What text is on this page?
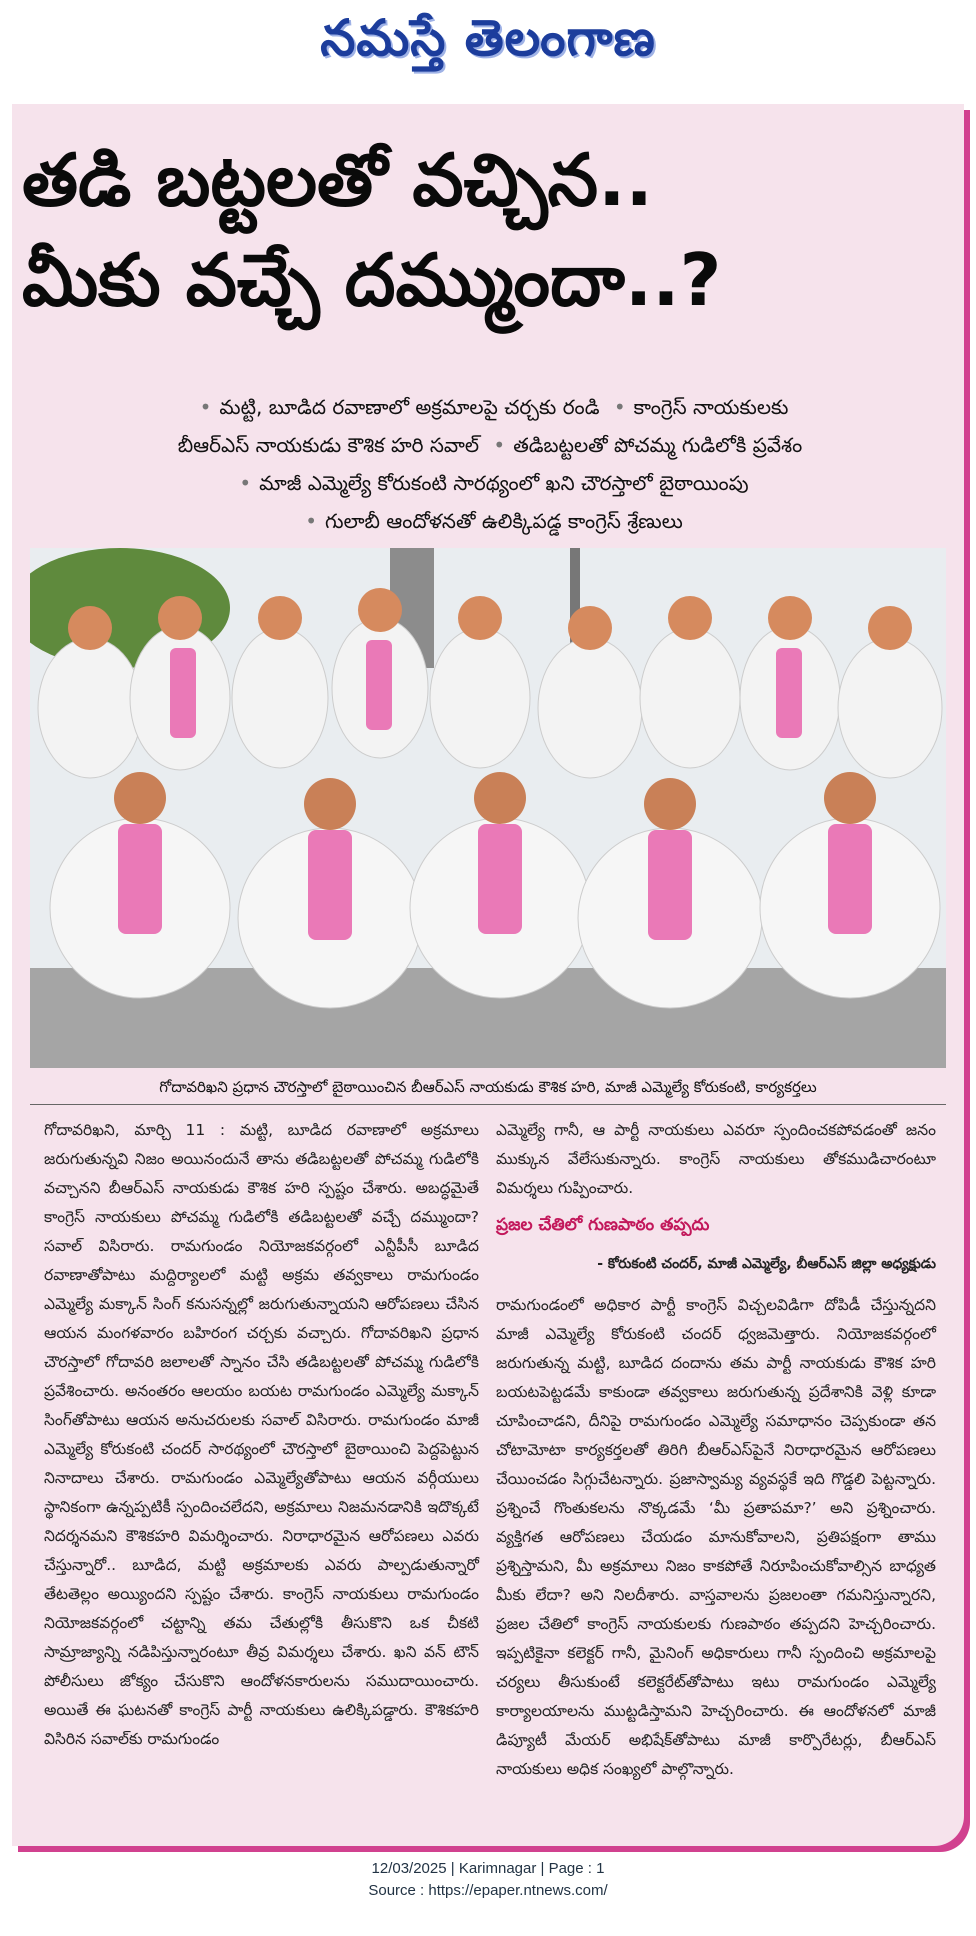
నమస్తే తెలంగాణ
తడి బట్టలతో వచ్చిన..
మీకు వచ్చే దమ్ముందా..?
• మట్టి, బూడిద రవాణాలో అక్రమాలపై చర్చకు రండి • కాంగ్రెస్ నాయకులకు
బీఆర్ఎస్ నాయకుడు కౌశిక హరి సవాల్ • తడిబట్టలతో పోచమ్మ గుడిలోకి ప్రవేశం
• మాజీ ఎమ్మెల్యే కోరుకంటి సారథ్యంలో ఖని చౌరస్తాలో బైఠాయింపు
• గులాబీ ఆందోళనతో ఉలిక్కిపడ్డ కాంగ్రెస్ శ్రేణులు
గోదావరిఖని ప్రధాన చౌరస్తాలో బైఠాయించిన బీఆర్ఎస్ నాయకుడు కౌశిక హరి, మాజీ ఎమ్మెల్యే కోరుకంటి, కార్యకర్తలు

గోదావరిఖని, మార్చి 11 : మట్టి, బూడిద రవాణాలో అక్రమాలు జరుగుతున్నవి నిజం అయినందునే తాను తడిబట్టలతో పోచమ్మ గుడిలోకి వచ్చానని బీఆర్ఎస్ నాయకుడు కౌశిక హరి స్పష్టం చేశారు. అబద్ధమైతే కాంగ్రెస్ నాయకులు పోచమ్మ గుడిలోకి తడిబట్టలతో వచ్చే దమ్ముందా? సవాల్ విసిరారు. రామగుండం నియోజకవర్గంలో ఎన్టీపీసీ బూడిద రవాణాతోపాటు మద్దిర్యాలలో మట్టి అక్రమ తవ్వకాలు రామగుండం ఎమ్మెల్యే మక్కాన్ సింగ్ కనుసన్నల్లో జరుగుతున్నాయని ఆరోపణలు చేసిన ఆయన మంగళవారం బహిరంగ చర్చకు వచ్చారు. గోదావరిఖని ప్రధాన చౌరస్తాలో గోదావరి జలాలతో స్నానం చేసి తడిబట్టలతో పోచమ్మ గుడిలోకి ప్రవేశించారు. అనంతరం ఆలయం బయట రామగుండం ఎమ్మెల్యే మక్కాన్ సింగ్‌తోపాటు ఆయన అనుచరులకు సవాల్ విసిరారు. రామగుండం మాజీ ఎమ్మెల్యే కోరుకంటి చందర్ సారథ్యంలో చౌరస్తాలో బైఠాయించి పెద్దపెట్టున నినాదాలు చేశారు. రామగుండం ఎమ్మెల్యేతోపాటు ఆయన వర్గీయులు స్థానికంగా ఉన్నప్పటికీ స్పందించలేదని, అక్రమాలు నిజమనడానికి ఇదొక్కటే నిదర్శనమని కౌశికహరి విమర్శించారు. నిరాధారమైన ఆరోపణలు ఎవరు చేస్తున్నారో.. బూడిద, మట్టి అక్రమాలకు ఎవరు పాల్పడుతున్నారో తేటతెల్లం అయ్యిందని స్పష్టం చేశారు. కాంగ్రెస్ నాయకులు రామగుండం నియోజకవర్గంలో చట్టాన్ని తమ చేతుల్లోకి తీసుకొని ఒక చీకటి సామ్రాజ్యాన్ని నడిపిస్తున్నారంటూ తీవ్ర విమర్శలు చేశారు. ఖని వన్ టౌన్ పోలీసులు జోక్యం చేసుకొని ఆందోళనకారులను సముదాయించారు. అయితే ఈ ఘటనతో కాంగ్రెస్ పార్టీ నాయకులు ఉలిక్కిపడ్డారు. కౌశికహరి విసిరిన సవాల్‌కు రామగుండం

ఎమ్మెల్యే గానీ, ఆ పార్టీ నాయకులు ఎవరూ స్పందించకపోవడంతో జనం ముక్కున వేలేసుకున్నారు. కాంగ్రెస్ నాయకులు తోకముడిచారంటూ విమర్శలు గుప్పించారు.

ప్రజల చేతిలో గుణపాఠం తప్పదు
- కోరుకంటి చందర్, మాజీ ఎమ్మెల్యే, బీఆర్ఎస్ జిల్లా అధ్యక్షుడు

రామగుండంలో అధికార పార్టీ కాంగ్రెస్ విచ్చలవిడిగా దోపిడీ చేస్తున్నదని మాజీ ఎమ్మెల్యే కోరుకంటి చందర్ ధ్వజమెత్తారు. నియోజకవర్గంలో జరుగుతున్న మట్టి, బూడిద దందాను తమ పార్టీ నాయకుడు కౌశిక హరి బయటపెట్టడమే కాకుండా తవ్వకాలు జరుగుతున్న ప్రదేశానికి వెళ్లి కూడా చూపించాడని, దీనిపై రామగుండం ఎమ్మెల్యే సమాధానం చెప్పకుండా తన చోటామోటా కార్యకర్తలతో తిరిగి బీఆర్ఎస్‌పైనే నిరాధారమైన ఆరోపణలు చేయించడం సిగ్గుచేటన్నారు. ప్రజాస్వామ్య వ్యవస్థకే ఇది గొడ్డలి పెట్టన్నారు. ప్రశ్నించే గొంతుకలను నొక్కడమే ‘మీ ప్రతాపమా?’ అని ప్రశ్నించారు. వ్యక్తిగత ఆరోపణలు చేయడం మానుకోవాలని, ప్రతిపక్షంగా తాము ప్రశ్నిస్తామని, మీ అక్రమాలు నిజం కాకపోతే నిరూపించుకోవాల్సిన బాధ్యత మీకు లేదా? అని నిలదీశారు. వాస్తవాలను ప్రజలంతా గమనిస్తున్నారని, ప్రజల చేతిలో కాంగ్రెస్ నాయకులకు గుణపాఠం తప్పదని హెచ్చరించారు. ఇప్పటికైనా కలెక్టర్ గానీ, మైనింగ్ అధికారులు గానీ స్పందించి అక్రమాలపై చర్యలు తీసుకుంటే కలెక్టరేట్‌తోపాటు ఇటు రామగుండం ఎమ్మెల్యే కార్యాలయాలను ముట్టడిస్తామని హెచ్చరించారు. ఈ ఆందోళనలో మాజీ డిప్యూటీ మేయర్ అభిషేక్‌తోపాటు మాజీ కార్పొరేటర్లు, బీఆర్ఎస్ నాయకులు అధిక సంఖ్యలో పాల్గొన్నారు.

12/03/2025 | Karimnagar | Page : 1
Source : https://epaper.ntnews.com/
